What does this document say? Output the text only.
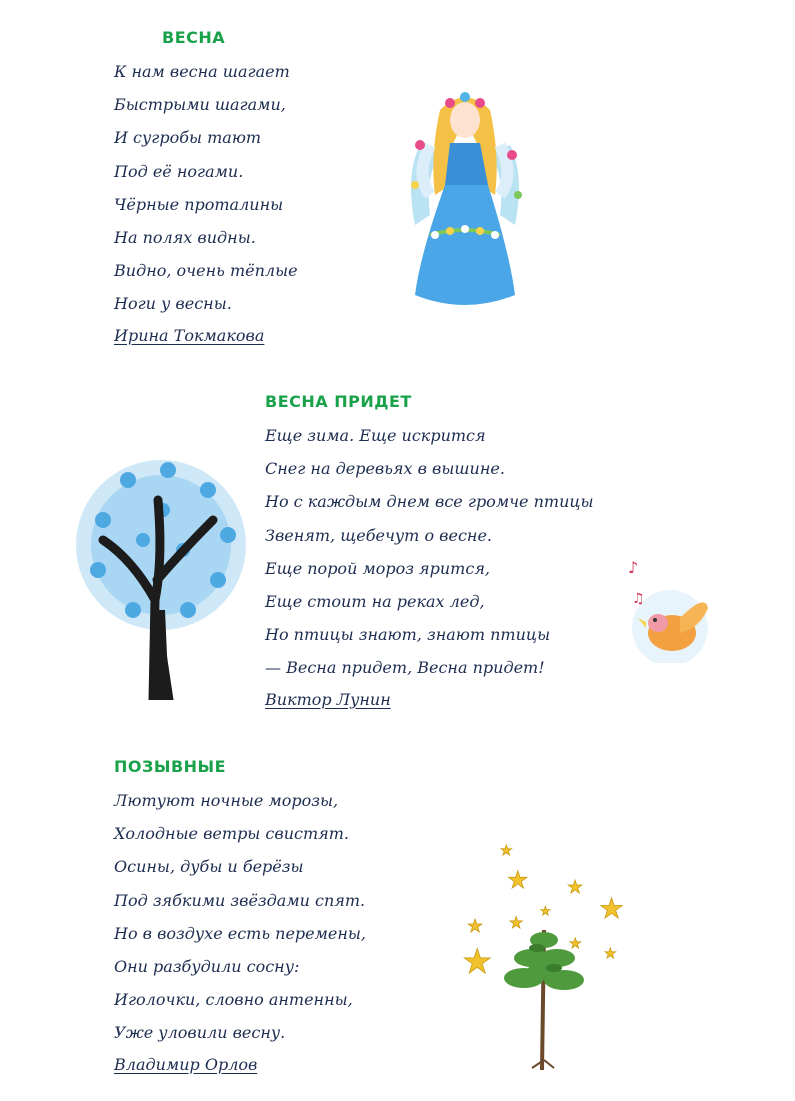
ВЕСНА
К нам весна шагает
Быстрыми шагами,
И сугробы тают
Под её ногами.
Чёрные проталины
На полях видны.
Видно, очень тёплые
Ноги у весны.
Ирина Токмакова
ВЕСНА ПРИДЕТ
Еще зима. Еще искрится
Снег на деревьях в вышине.
Но с каждым днем все громче птицы
Звенят, щебечут о весне.
Еще порой мороз ярится,
Еще стоит на реках лед,
Но птицы знают, знают птицы
— Весна придет, Весна придет!
Виктор Лунин
ПОЗЫВНЫЕ
Лютуют ночные морозы,
Холодные ветры свистят.
Осины, дубы и берёзы
Под зябкими звёздами спят.
Но в воздухе есть перемены,
Они разбудили сосну:
Иголочки, словно антенны,
Уже уловили весну.
Владимир Орлов
♪
♫
★
★ ★
★
★ ★
★
★	★
★
